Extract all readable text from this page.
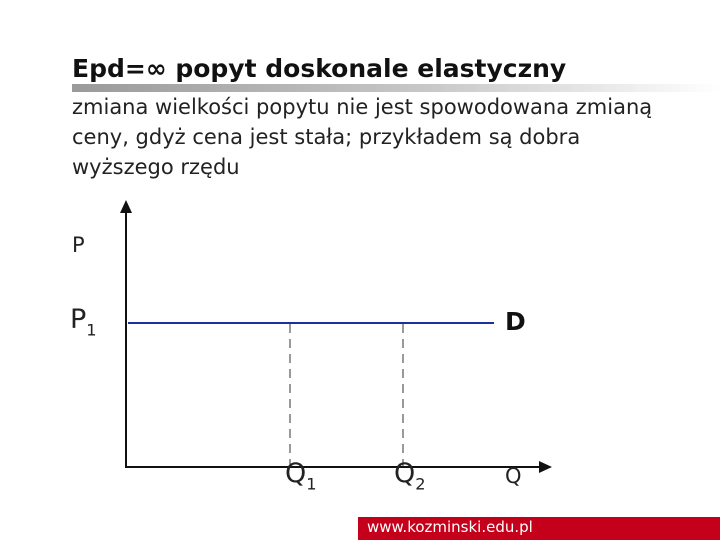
Epd=∞ popyt doskonale elastyczny
zmiana wielkości popytu nie jest spowodowana zmianą ceny, gdyż cena jest stała; przykładem są dobra wyższego rzędu
P
$P_1$	D
$Q_1$	$Q_2$	Q
www.kozminski.edu.pl
